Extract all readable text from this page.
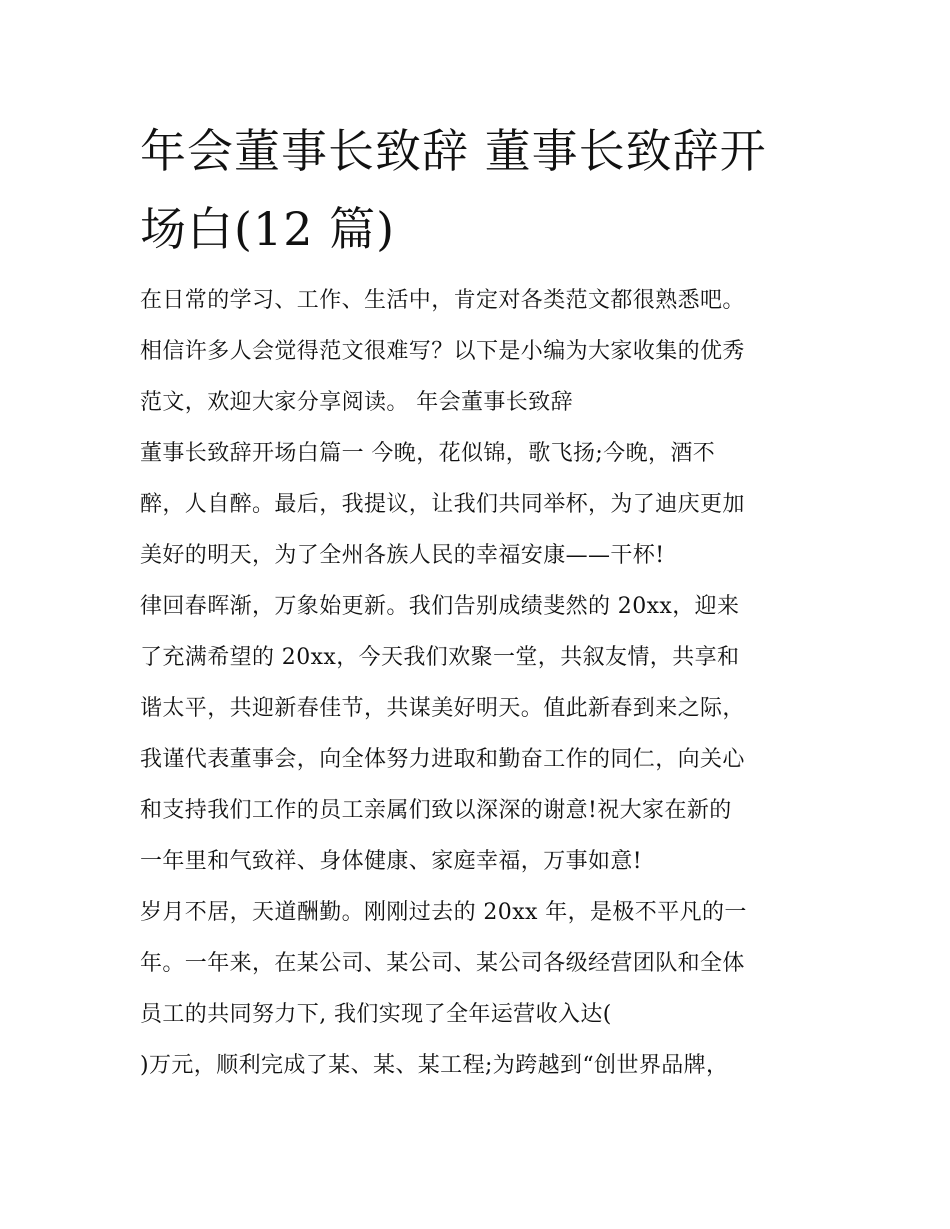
年会董事长致辞 董事长致辞开
场白(12 篇)
在日常的学习、工作、生活中，肯定对各类范文都很熟悉吧。
相信许多人会觉得范文很难写？以下是小编为大家收集的优秀
范文，欢迎大家分享阅读。 年会董事长致辞
董事长致辞开场白篇一 今晚，花似锦，歌飞扬;今晚，酒不
醉，人自醉。最后，我提议，让我们共同举杯，为了迪庆更加
美好的明天，为了全州各族人民的幸福安康——干杯!
律回春晖渐，万象始更新。我们告别成绩斐然的 20xx，迎来
了充满希望的 20xx，今天我们欢聚一堂，共叙友情，共享和
谐太平，共迎新春佳节，共谋美好明天。值此新春到来之际，
我谨代表董事会，向全体努力进取和勤奋工作的同仁，向关心
和支持我们工作的员工亲属们致以深深的谢意!祝大家在新的
一年里和气致祥、身体健康、家庭幸福，万事如意!
岁月不居，天道酬勤。刚刚过去的 20xx 年，是极不平凡的一
年。一年来，在某公司、某公司、某公司各级经营团队和全体
员工的共同努力下, 我们实现了全年运营收入达(
)万元，顺利完成了某、某、某工程;为跨越到“创世界品牌，
